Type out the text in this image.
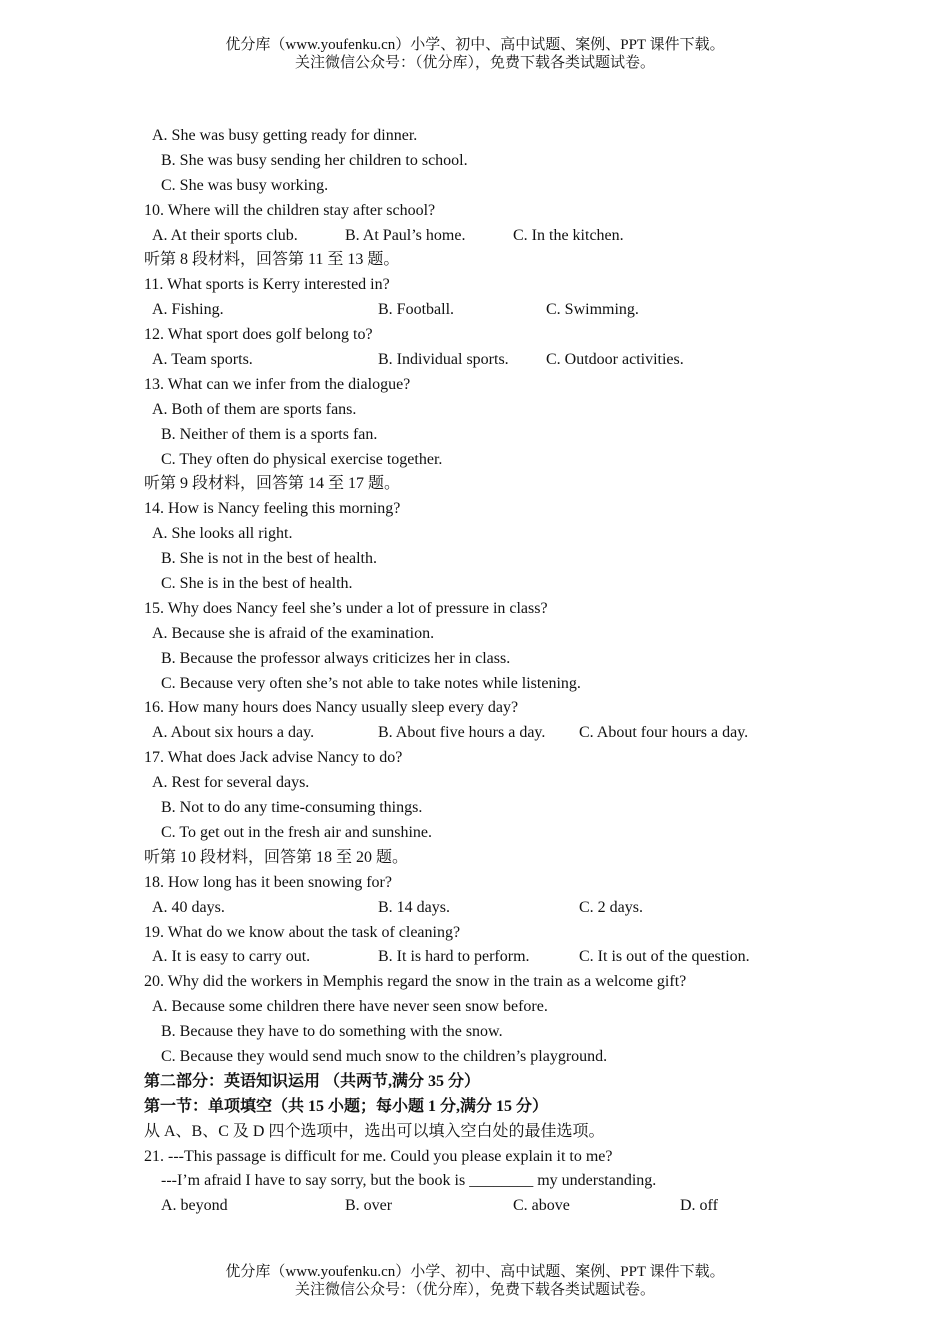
优分库（www.youfenku.cn）小学、初中、高中试题、案例、PPT 课件下载。
关注微信公众号：（优分库），免费下载各类试题试卷。
A. She was busy getting ready for dinner.
B. She was busy sending her children to school.
C. She was busy working.
10. Where will the children stay after school?
A. At their sports club.	B. At Paul’s home.	C. In the kitchen.
听第 8 段材料，回答第 11 至 13 题。
11. What sports is Kerry interested in?
A. Fishing.	B. Football.	C. Swimming.
12. What sport does golf belong to?
A. Team sports.	B. Individual sports. C. Outdoor activities.
13. What can we infer from the dialogue?
A. Both of them are sports fans.
B. Neither of them is a sports fan.
C. They often do physical exercise together.
听第 9 段材料，回答第 14 至 17 题。
14. How is Nancy feeling this morning?
A. She looks all right.
B. She is not in the best of health.
C. She is in the best of health.
15. Why does Nancy feel she’s under a lot of pressure in class?
A. Because she is afraid of the examination.
B. Because the professor always criticizes her in class.
C. Because very often she’s not able to take notes while listening.
16. How many hours does Nancy usually sleep every day?
A. About six hours a day.	B. About five hours a day. C. About four hours a day.
17. What does Jack advise Nancy to do?
A. Rest for several days.
B. Not to do any time-consuming things.
C. To get out in the fresh air and sunshine.
听第 10 段材料，回答第 18 至 20 题。
18. How long has it been snowing for?
A. 40 days.	B. 14 days.	C. 2 days.
19. What do we know about the task of cleaning?
A. It is easy to carry out.	B. It is hard to perform.	C. It is out of the question.
20. Why did the workers in Memphis regard the snow in the train as a welcome gift?
A. Because some children there have never seen snow before.
B. Because they have to do something with the snow.
C. Because they would send much snow to the children’s playground.
第二部分：英语知识运用 （共两节,满分 35 分）
第一节：单项填空（共 15 小题；每小题 1 分,满分 15 分）
从 A、B、C 及 D 四个选项中，选出可以填入空白处的最佳选项。
21. ---This passage is difficult for me. Could you please explain it to me?
---I’m afraid I have to say sorry, but the book is ________ my understanding.
A. beyond	B. over	C. above	D. off
优分库（www.youfenku.cn）小学、初中、高中试题、案例、PPT 课件下载。
关注微信公众号：（优分库），免费下载各类试题试卷。
